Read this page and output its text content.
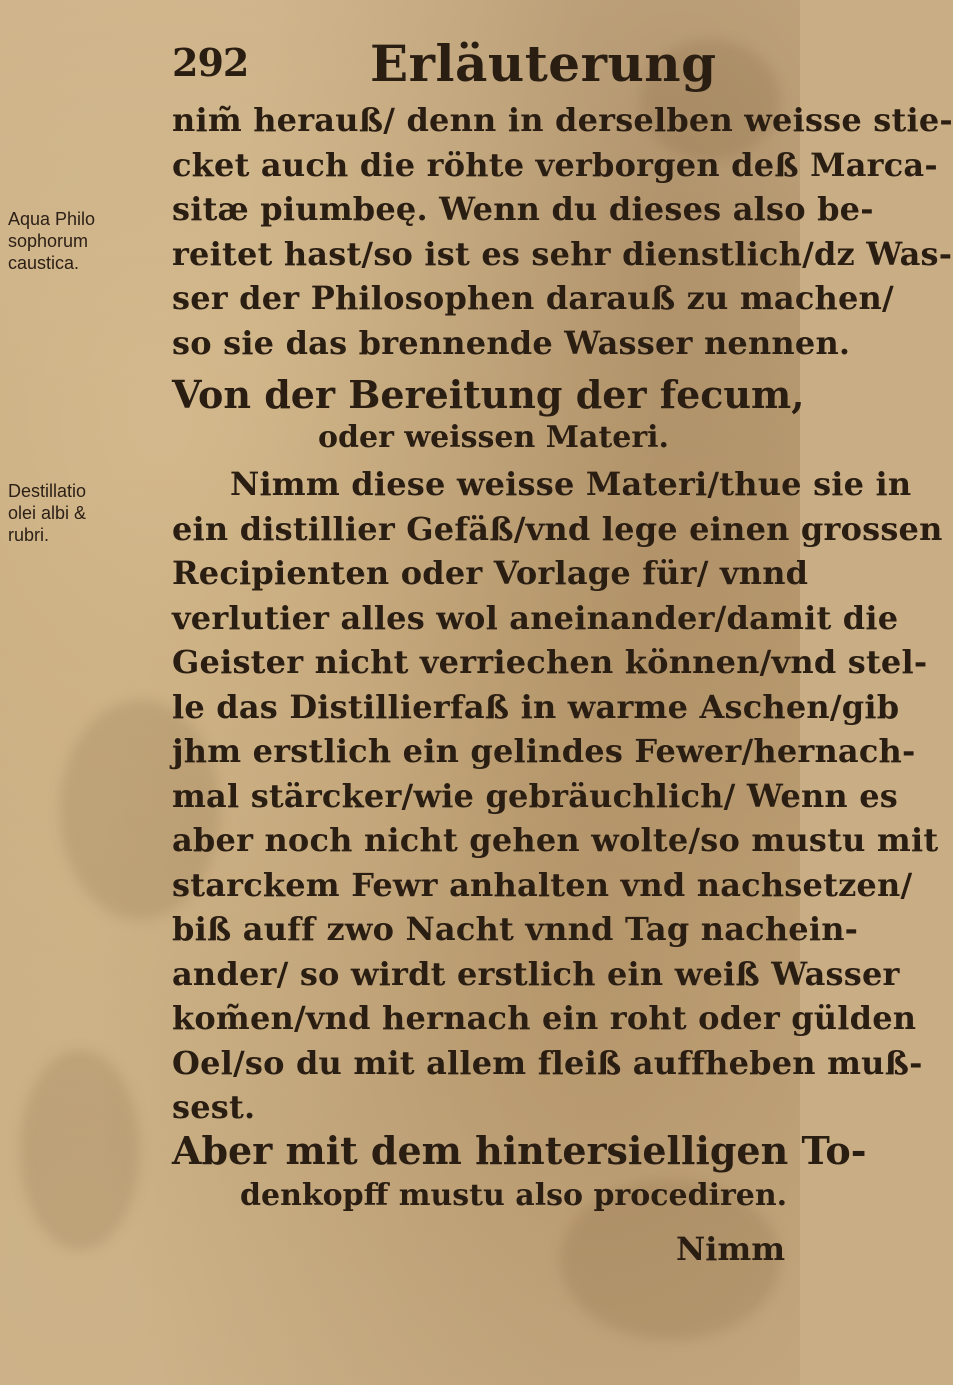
292 Erläuterung
Aqua Philo
sophorum
caustica.
Destillatio
olei albi &
rubri.
nim̃ herauß/ denn in derselben weisse stie-
cket auch die röhte verborgen deß Marca-
sitæ piumbeę. Wenn du dieses also be-
reitet hast/so ist es sehr dienstlich/dz Was-
ser der Philosophen darauß zu machen/
so sie das brennende Wasser nennen.
Von der Bereitung der fecum,
oder weissen Materi.
Nimm diese weisse Materi/thue sie in
ein distillier Gefäß/vnd lege einen grossen
Recipienten oder Vorlage für/ vnnd
verlutier alles wol aneinander/damit die
Geister nicht verriechen können/vnd stel-
le das Distillierfaß in warme Aschen/gib
jhm erstlich ein gelindes Fewer/hernach-
mal stärcker/wie gebräuchlich/ Wenn es
aber noch nicht gehen wolte/so mustu mit
starckem Fewr anhalten vnd nachsetzen/
biß auff zwo Nacht vnnd Tag nachein-
ander/ so wirdt erstlich ein weiß Wasser
kom̃en/vnd hernach ein roht oder gülden
Oel/so du mit allem fleiß auffheben muß-
sest.
Aber mit dem hintersielligen To-
denkopff mustu also procediren.
Nimm
